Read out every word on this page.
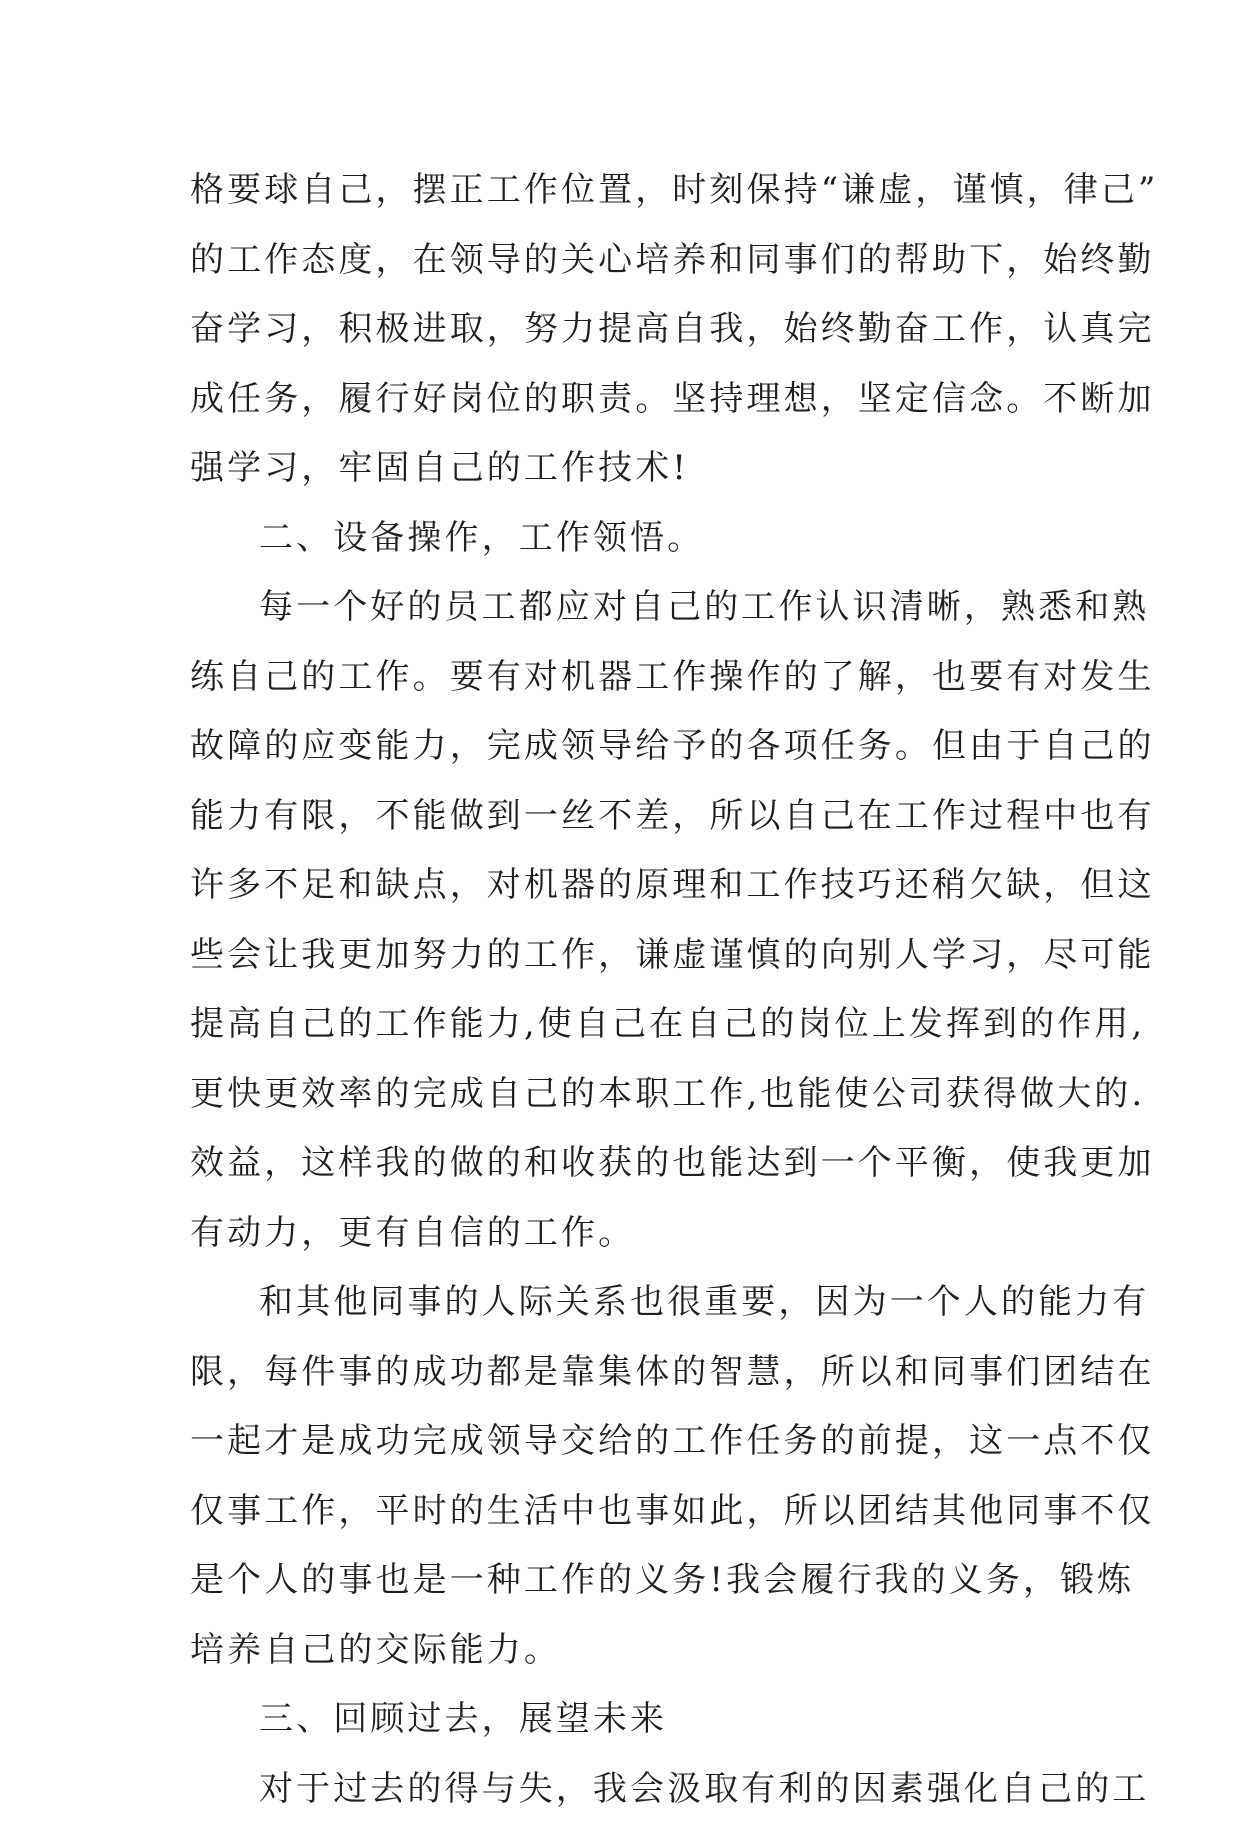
格要球自己，摆正工作位置，时刻保持“谦虚，谨慎，律己”
的工作态度，在领导的关心培养和同事们的帮助下，始终勤
奋学习，积极进取，努力提高自我，始终勤奋工作，认真完
成任务，履行好岗位的职责。坚持理想，坚定信念。不断加
强学习，牢固自己的工作技术!
二、设备操作，工作领悟。
每一个好的员工都应对自己的工作认识清晰，熟悉和熟
练自己的工作。要有对机器工作操作的了解，也要有对发生
故障的应变能力，完成领导给予的各项任务。但由于自己的
能力有限，不能做到一丝不差，所以自己在工作过程中也有
许多不足和缺点，对机器的原理和工作技巧还稍欠缺，但这
些会让我更加努力的工作，谦虚谨慎的向别人学习，尽可能
提高自己的工作能力,使自己在自己的岗位上发挥到的作用,
更快更效率的完成自己的本职工作,也能使公司获得做大的.
效益，这样我的做的和收获的也能达到一个平衡，使我更加
有动力，更有自信的工作。
和其他同事的人际关系也很重要，因为一个人的能力有
限，每件事的成功都是靠集体的智慧，所以和同事们团结在
一起才是成功完成领导交给的工作任务的前提，这一点不仅
仅事工作，平时的生活中也事如此，所以团结其他同事不仅
是个人的事也是一种工作的义务!我会履行我的义务，锻炼
培养自己的交际能力。
三、回顾过去，展望未来
对于过去的得与失，我会汲取有利的因素强化自己的工
